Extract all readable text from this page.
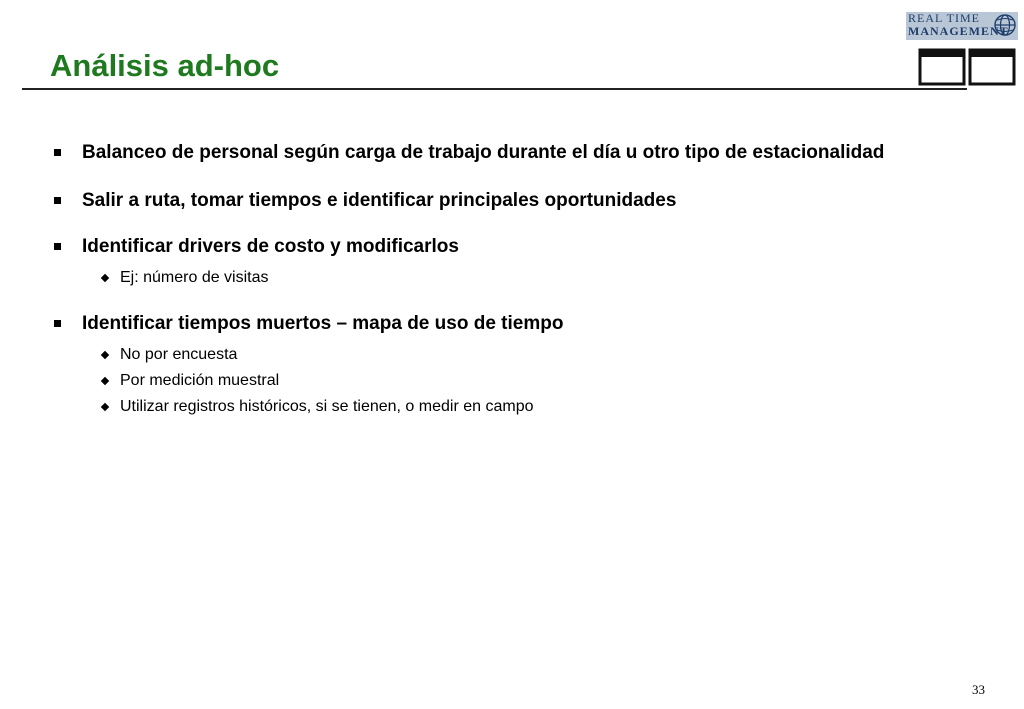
Análisis ad-hoc
REAL TIME
MANAGEMENT
Balanceo de personal según carga de trabajo durante el día u otro tipo de estacionalidad
Salir a ruta, tomar tiempos e identificar principales oportunidades
Identificar drivers de costo y modificarlos
Ej: número de visitas
Identificar tiempos muertos – mapa de uso de tiempo
No por encuesta
Por medición muestral
Utilizar registros históricos, si se tienen, o medir en campo
33
